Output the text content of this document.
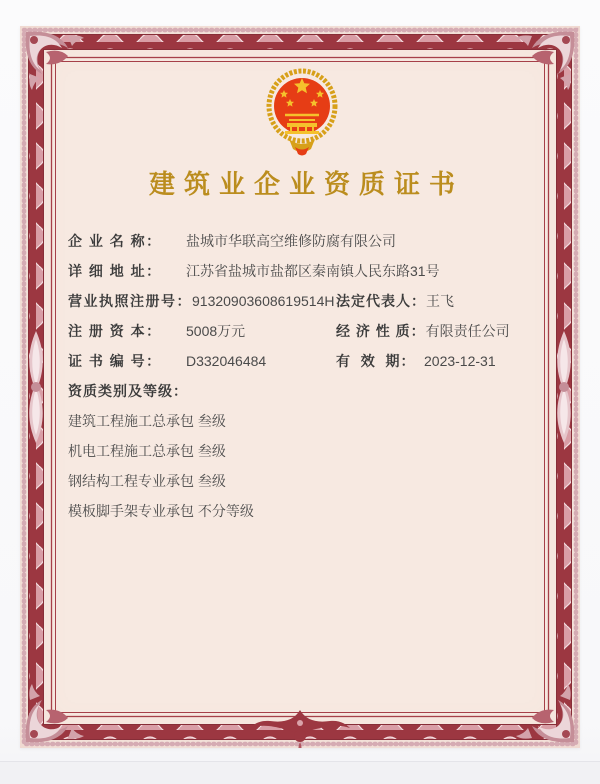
建筑业企业资质证书
企 业 名 称：	盐城市华联高空维修防腐有限公司
详 细 地 址：	江苏省盐城市盐都区秦南镇人民东路31号
营业执照注册号： 91320903608619514H 法定代表人： 王飞
注 册 资 本：	5008万元	经 济 性 质： 有限责任公司
证 书 编 号：	D332046484	有  效  期： 2023-12-31
资质类别及等级：
建筑工程施工总承包 叁级
机电工程施工总承包 叁级
钢结构工程专业承包 叁级
模板脚手架专业承包 不分等级
